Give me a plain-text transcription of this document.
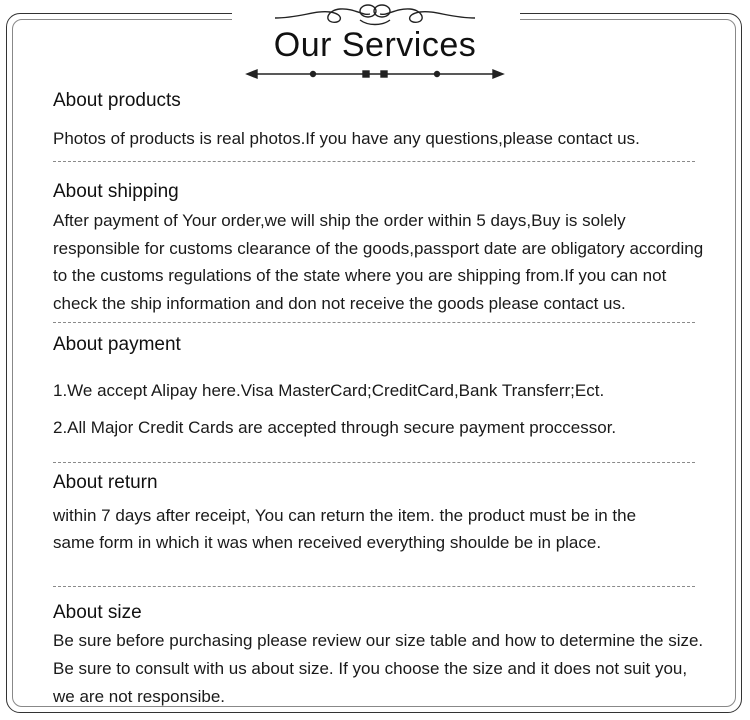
Our Services

About products

Photos of products is real photos.If you have any questions,please contact us.

About shipping

After payment of Your order,we will ship the order within 5 days,Buy is solely

responsible for customs clearance of the goods,passport date are obligatory according

to the customs regulations of the state where you are shipping from.If you can not

check the ship information and don not receive the goods please contact us.

About payment

1.We accept Alipay here.Visa MasterCard;CreditCard,Bank Transferr;Ect.

2.All Major Credit Cards are accepted through secure payment proccessor.

About return

within 7 days after receipt, You can return the item. the product must be in the

same form in which it was when received everything shoulde be in place.

About size

Be sure before purchasing please review our size table and how to determine the size.

Be sure to consult with us about size. If you choose the size and it does not suit you,

we are not responsibe.
